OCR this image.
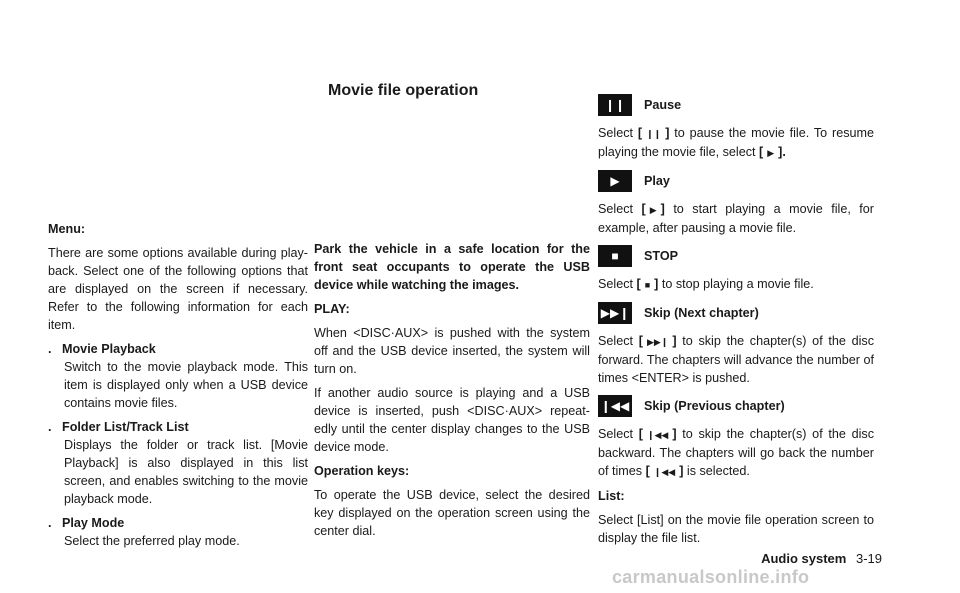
Menu:

There are some options available during play-back. Select one of the following options that are displayed on the screen if necessary. Refer to the following information for each item.

. Movie Playback

Switch to the movie playback mode. This item is displayed only when a USB device contains movie files.

. Folder List/Track List

Displays the folder or track list. [Movie Playback] is also displayed in this list screen, and enables switching to the movie playback mode.

. Play Mode

Select the preferred play mode.

Movie file operation

Park the vehicle in a safe location for the front seat occupants to operate the USB device while watching the images.

PLAY:

When <DISC·AUX> is pushed with the system off and the USB device inserted, the system will turn on.

If another audio source is playing and a USB device is inserted, push <DISC·AUX> repeat-edly until the center display changes to the USB device mode.

Operation keys:

To operate the USB device, select the desired key displayed on the operation screen using the center dial.

❙❙	Pause

Select [ ❙❙ ] to pause the movie file. To resume playing the movie file, select [ ▶ ].

▶	Play

Select [ ▶ ] to start playing a movie file, for example, after pausing a movie file.

■	STOP

Select [ ■ ] to stop playing a movie file.

▶▶❙ Skip (Next chapter)

Select [ ▶▶❙ ] to skip the chapter(s) of the disc forward. The chapters will advance the number of times <ENTER> is pushed.

❙◀◀ Skip (Previous chapter)

Select [ ❙◀◀ ] to skip the chapter(s) of the disc backward. The chapters will go back the number of times [ ❙◀◀ ] is selected.

List:

Select [List] on the movie file operation screen to display the file list.

Audio system 3-19
carmanualsonline.info
